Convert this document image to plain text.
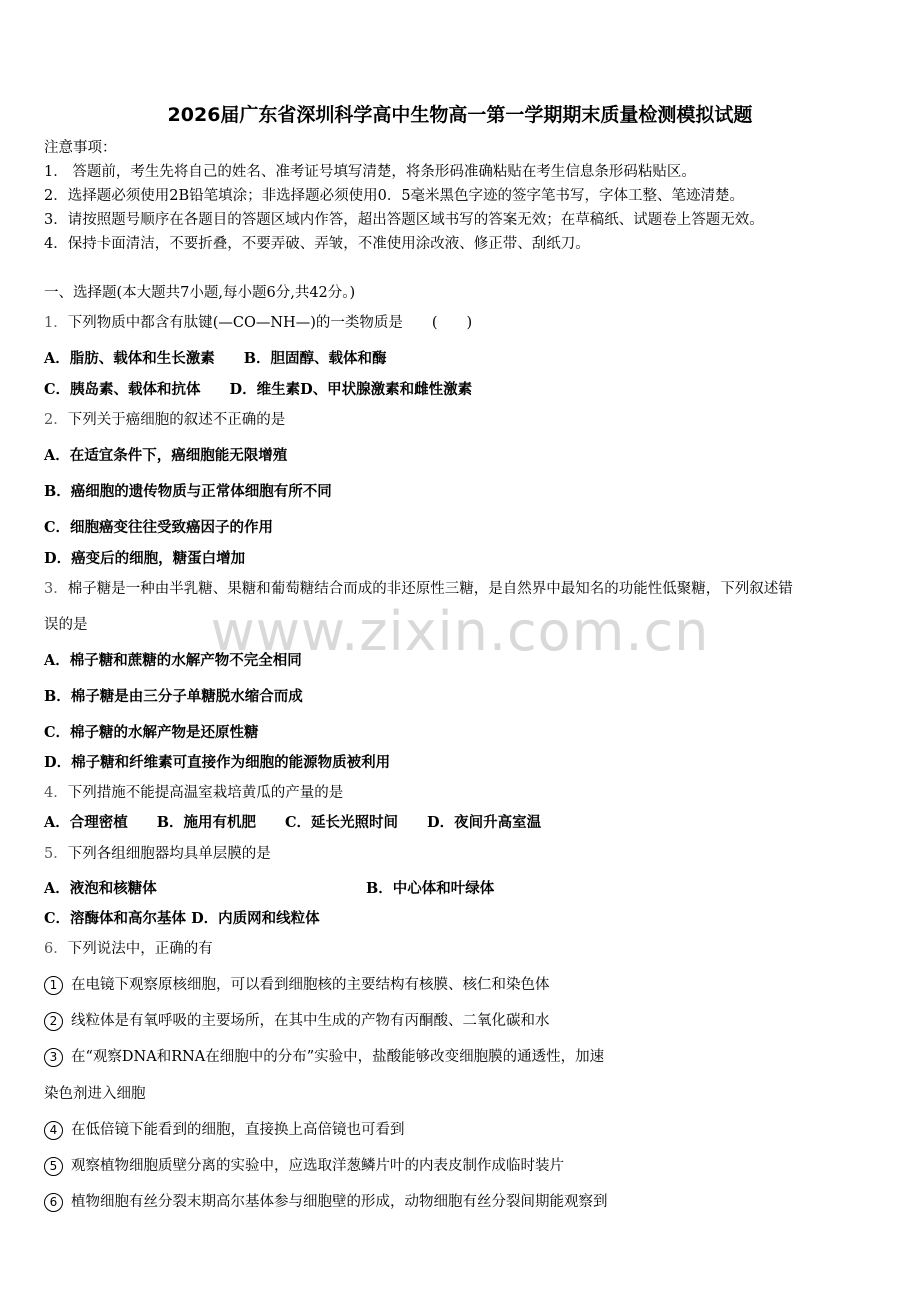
www.zixin.com.cn
2026届广东省深圳科学高中生物高一第一学期期末质量检测模拟试题
注意事项：
1． 答题前，考生先将自己的姓名、准考证号填写清楚，将条形码准确粘贴在考生信息条形码粘贴区。
2．选择题必须使用2B铅笔填涂；非选择题必须使用0．5毫米黑色字迹的签字笔书写，字体工整、笔迹清楚。
3．请按照题号顺序在各题目的答题区域内作答，超出答题区域书写的答案无效；在草稿纸、试题卷上答题无效。
4．保持卡面清洁，不要折叠，不要弄破、弄皱，不准使用涂改液、修正带、刮纸刀。
一、选择题(本大题共7小题,每小题6分,共42分。)
1．下列物质中都含有肽键(—CO—NH—)的一类物质是　　(　　)
A．脂肪、载体和生长激素　　B．胆固醇、载体和酶
C．胰岛素、载体和抗体　　D．维生素D、甲状腺激素和雌性激素
2．下列关于癌细胞的叙述不正确的是
A．在适宜条件下，癌细胞能无限增殖
B．癌细胞的遗传物质与正常体细胞有所不同
C．细胞癌变往往受致癌因子的作用
D．癌变后的细胞，糖蛋白增加
3．棉子糖是一种由半乳糖、果糖和葡萄糖结合而成的非还原性三糖，是自然界中最知名的功能性低聚糖，下列叙述错
误的是
A．棉子糖和蔗糖的水解产物不完全相同
B．棉子糖是由三分子单糖脱水缩合而成
C．棉子糖的水解产物是还原性糖
D．棉子糖和纤维素可直接作为细胞的能源物质被利用
4．下列措施不能提高温室栽培黄瓜的产量的是
A．合理密植　　B．施用有机肥　　C．延长光照时间　　D．夜间升高室温
5．下列各组细胞器均具单层膜的是
A．液泡和核糖体	B．中心体和叶绿体
C．溶酶体和高尔基体 D．内质网和线粒体
6．下列说法中，正确的有
1 在电镜下观察原核细胞，可以看到细胞核的主要结构有核膜、核仁和染色体
2 线粒体是有氧呼吸的主要场所，在其中生成的产物有丙酮酸、二氧化碳和水
3 在“观察DNA和RNA在细胞中的分布”实验中，盐酸能够改变细胞膜的通透性，加速
染色剂进入细胞
4 在低倍镜下能看到的细胞，直接换上高倍镜也可看到
5 观察植物细胞质壁分离的实验中，应选取洋葱鳞片叶的内表皮制作成临时装片
6 植物细胞有丝分裂末期高尔基体参与细胞壁的形成，动物细胞有丝分裂间期能观察到
